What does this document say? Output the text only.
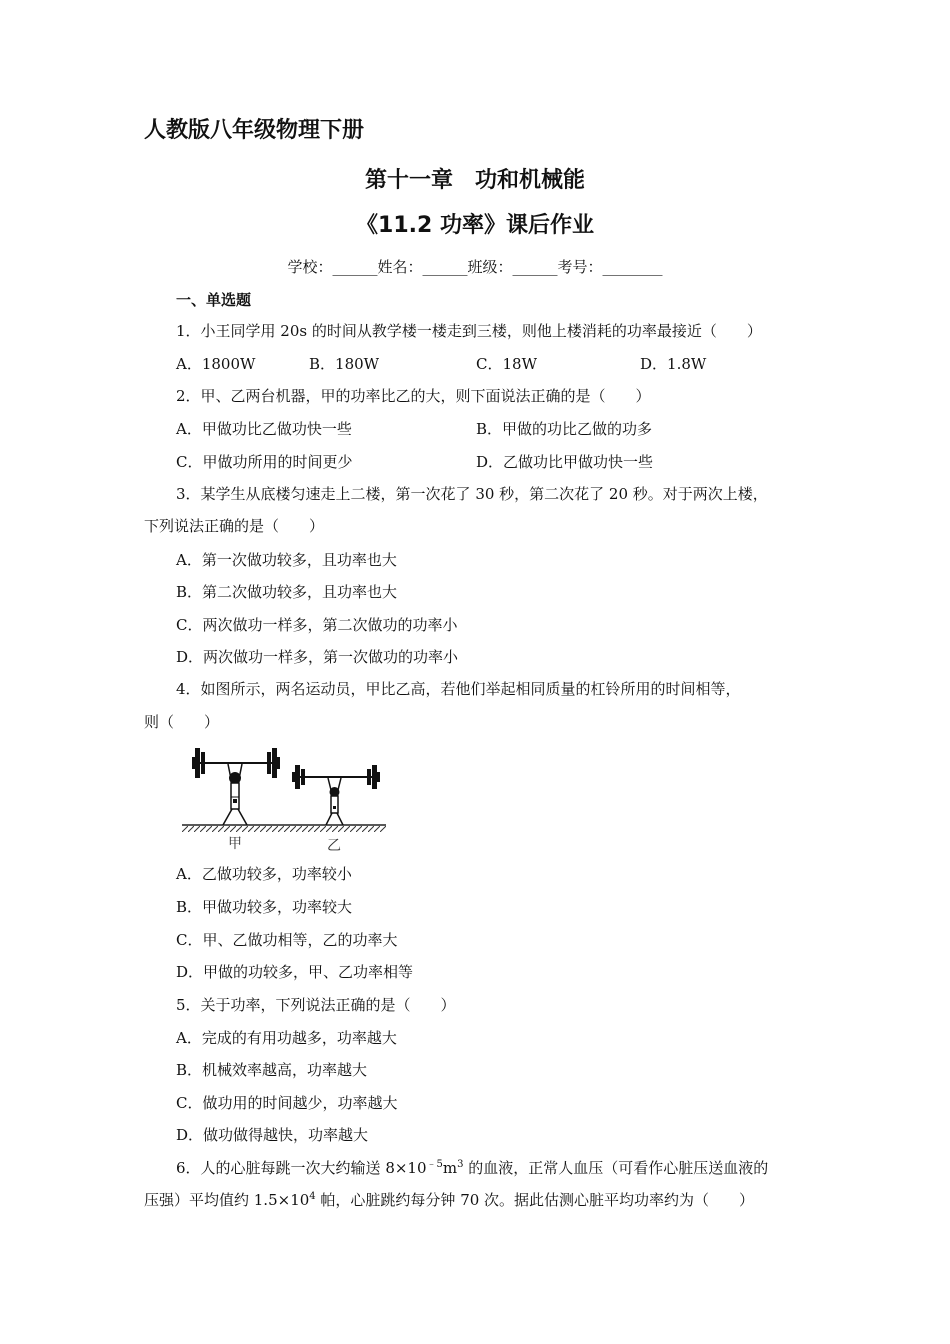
人教版八年级物理下册
第十一章　功和机械能
《11.2 功率》课后作业
学校：______姓名：______班级：______考号：________
一、单选题
1．小王同学用 20s 的时间从教学楼一楼走到三楼，则他上楼消耗的功率最接近（　　）
A．1800W	B．180W	C．18W	D．1.8W
2．甲、乙两台机器，甲的功率比乙的大，则下面说法正确的是（　　）
A．甲做功比乙做功快一些	B．甲做的功比乙做的功多
C．甲做功所用的时间更少	D．乙做功比甲做功快一些
3．某学生从底楼匀速走上二楼，第一次花了 30 秒，第二次花了 20 秒。对于两次上楼，
下列说法正确的是（　　）
A．第一次做功较多，且功率也大
B．第二次做功较多，且功率也大
C．两次做功一样多，第二次做功的功率小
D．两次做功一样多，第一次做功的功率小
4．如图所示，两名运动员，甲比乙高，若他们举起相同质量的杠铃所用的时间相等，
则（　　）
甲	乙
A．乙做功较多，功率较小
B．甲做功较多，功率较大
C．甲、乙做功相等，乙的功率大
D．甲做的功较多，甲、乙功率相等
5．关于功率，下列说法正确的是（　　）
A．完成的有用功越多，功率越大
B．机械效率越高，功率越大
C．做功用的时间越少，功率越大
D．做功做得越快，功率越大
6．人的心脏每跳一次大约输送 $8\times 10^{﹣5}m^3$ 的血液，正常人血压（可看作心脏压送血液的
压强）平均值约 $1.5\times 10^4$ 帕，心脏跳约每分钟 70 次。据此估测心脏平均功率约为（　　）
